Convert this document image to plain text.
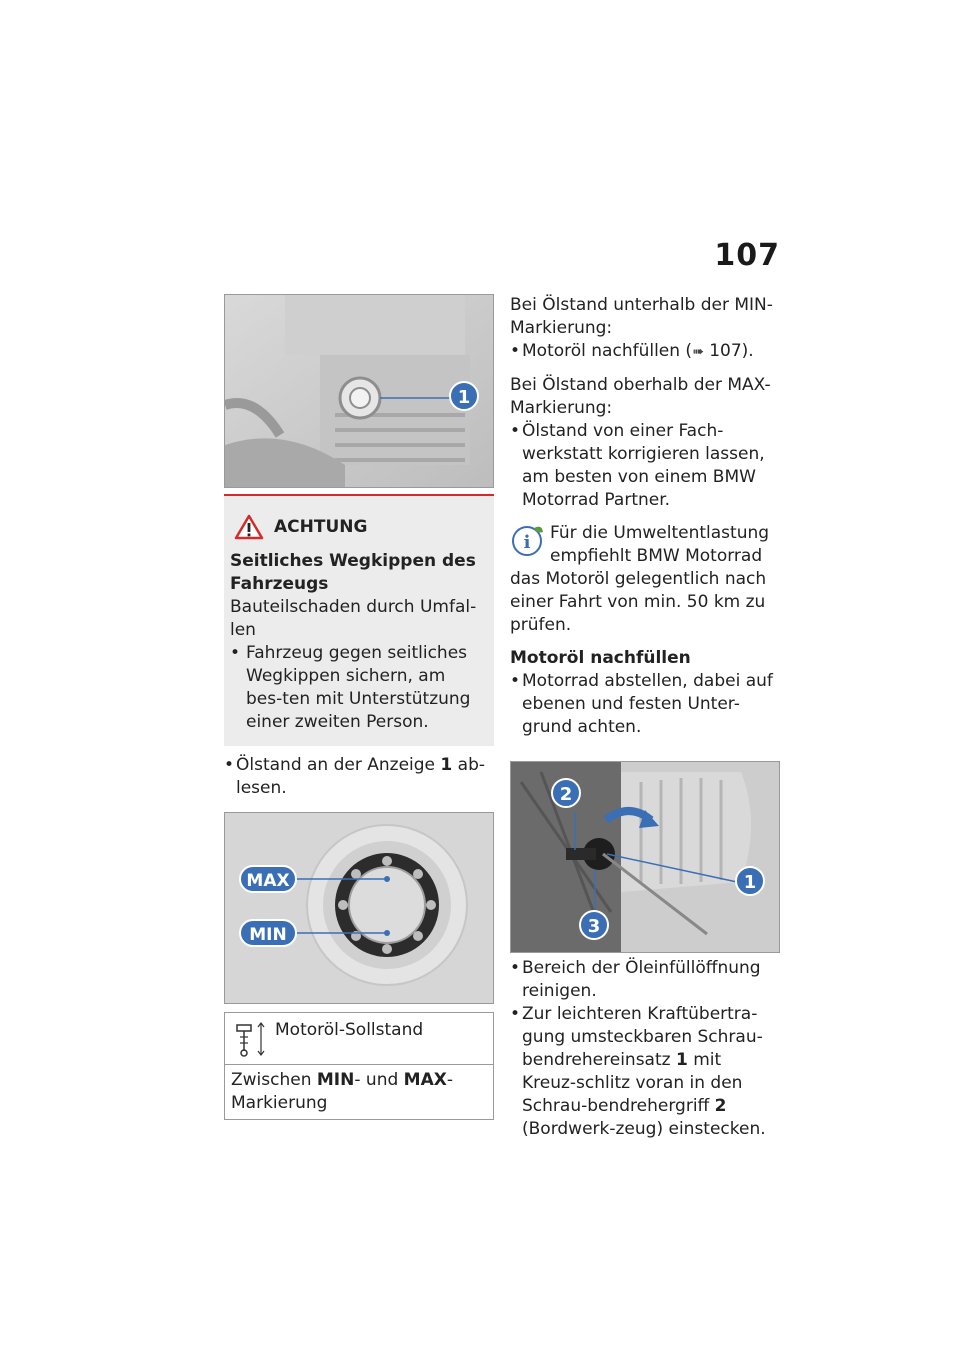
107
1
ACHTUNG
Seitliches Wegkippen des Fahrzeugs
Bauteilschaden durch Umfal-len
• Fahrzeug gegen seitliches Wegkippen sichern, am bes-ten mit Unterstützung einer zweiten Person.
• Ölstand an der Anzeige 1 ab-lesen.
MAX
MIN
Motoröl-Sollstand
Zwischen MIN- und MAX-Markierung
Bei Ölstand unterhalb der MIN-Markierung:
• Motoröl nachfüllen (➠ 107).
Bei Ölstand oberhalb der MAX-Markierung:
• Ölstand von einer Fach-werkstatt korrigieren lassen, am besten von einem BMW Motorrad Partner.
i Für die Umweltentlastung empfiehlt BMW Motorrad das Motoröl gelegentlich nach einer Fahrt von min. 50 km zu prüfen.
Motoröl nachfüllen
• Motorrad abstellen, dabei auf ebenen und festen Unter-grund achten.
2
1
3
• Bereich der Öleinfüllöffnung reinigen.
• Zur leichteren Kraftübertra-gung umsteckbaren Schrau-bendrehereinsatz 1 mit Kreuz-schlitz voran in den Schrau-bendrehergriff 2 (Bordwerk-zeug) einstecken.
